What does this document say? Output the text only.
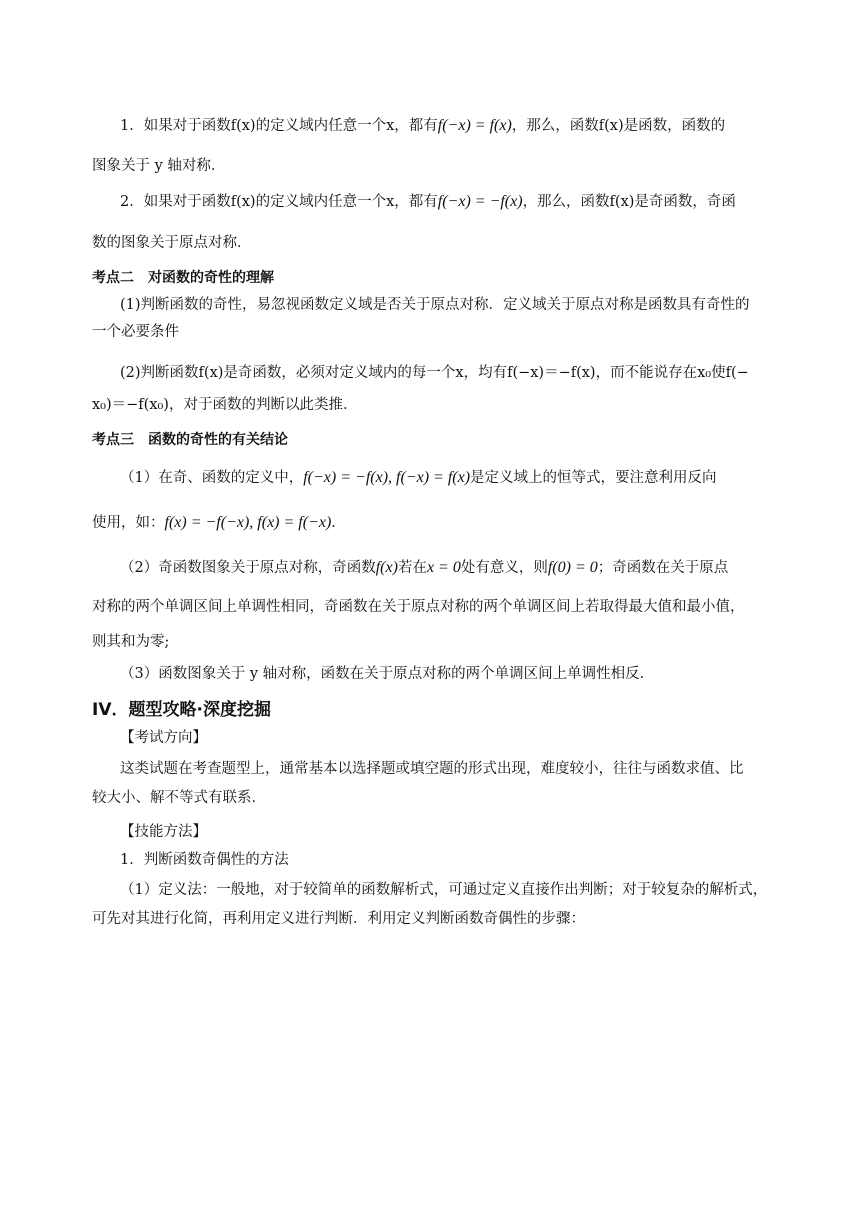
1．如果对于函数f(x)的定义域内任意一个x，都有f(−x) = f(x)，那么，函数f(x)是函数，函数的
图象关于 y 轴对称．
2．如果对于函数f(x)的定义域内任意一个x，都有f(−x) = −f(x)，那么，函数f(x)是奇函数，奇函
数的图象关于原点对称．
考点二 对函数的奇性的理解
(1)判断函数的奇性，易忽视函数定义域是否关于原点对称．定义域关于原点对称是函数具有奇性的
一个必要条件
(2)判断函数f(x)是奇函数，必须对定义域内的每一个x，均有f(−x)＝−f(x)，而不能说存在x₀使f(−
x₀)＝−f(x₀)，对于函数的判断以此类推．
考点三 函数的奇性的有关结论
（1）在奇、函数的定义中，f(−x) = −f(x), f(−x) = f(x)是定义域上的恒等式，要注意利用反向
使用，如：f(x) = −f(−x), f(x) = f(−x)．
（2）奇函数图象关于原点对称，奇函数f(x)若在x = 0处有意义，则f(0) = 0；奇函数在关于原点
对称的两个单调区间上单调性相同，奇函数在关于原点对称的两个单调区间上若取得最大值和最小值，
则其和为零;
（3）函数图象关于 y 轴对称，函数在关于原点对称的两个单调区间上单调性相反．
IV．题型攻略·深度挖掘
【考试方向】
这类试题在考查题型上，通常基本以选择题或填空题的形式出现，难度较小，往往与函数求值、比
较大小、解不等式有联系．
【技能方法】
1．判断函数奇偶性的方法
（1）定义法：一般地，对于较简单的函数解析式，可通过定义直接作出判断；对于较复杂的解析式，
可先对其进行化简，再利用定义进行判断．利用定义判断函数奇偶性的步骤：
